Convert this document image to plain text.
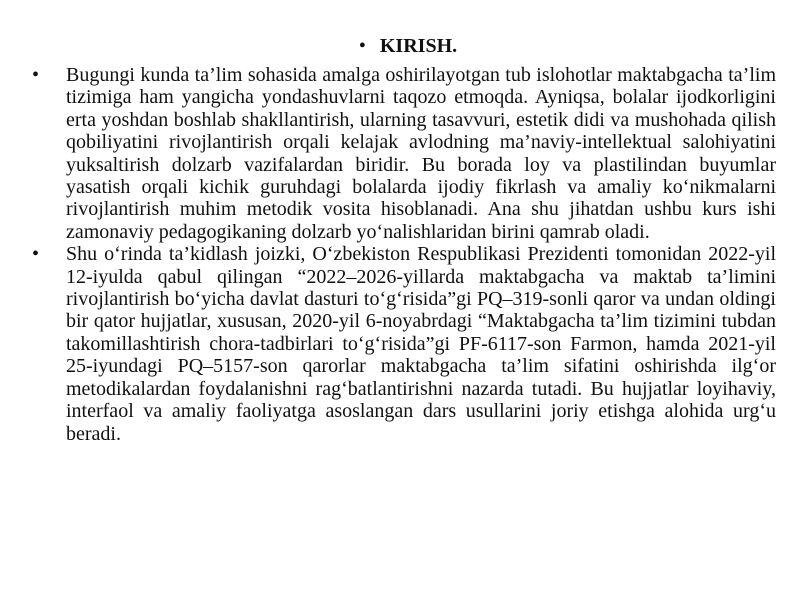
• KIRISH.
•	Bugungi kunda ta’lim sohasida amalga oshirilayotgan tub islohotlar maktabgacha ta’lim tizimiga ham yangicha yondashuvlarni taqozo etmoqda. Ayniqsa, bolalar ijodkorligini erta yoshdan boshlab shakllantirish, ularning tasavvuri, estetik didi va mushohada qilish qobiliyatini rivojlantirish orqali kelajak avlodning ma’naviy-intellektual salohiyatini yuksaltirish dolzarb vazifalardan biridir. Bu borada loy va plastilindan buyumlar yasatish orqali kichik guruhdagi bolalarda ijodiy fikrlash va amaliy ko‘nikmalarni rivojlantirish muhim metodik vosita hisoblanadi. Ana shu jihatdan ushbu kurs ishi zamonaviy pedagogikaning dolzarb yo‘nalishlaridan birini qamrab oladi.
•	Shu o‘rinda ta’kidlash joizki, O‘zbekiston Respublikasi Prezidenti tomonidan 2022-yil 12-iyulda qabul qilingan “2022–2026-yillarda maktabgacha va maktab ta’limini rivojlantirish bo‘yicha davlat dasturi to‘g‘risida”gi PQ–319-sonli qaror va undan oldingi bir qator hujjatlar, xususan, 2020-yil 6-noyabrdagi “Maktabgacha ta’lim tizimini tubdan takomillashtirish chora-tadbirlari to‘g‘risida”gi PF-6117-son Farmon, hamda 2021-yil 25-iyundagi PQ–5157-son qarorlar maktabgacha ta’lim sifatini oshirishda ilg‘or metodikalardan foydalanishni rag‘batlantirishni nazarda tutadi. Bu hujjatlar loyihaviy, interfaol va amaliy faoliyatga asoslangan dars usullarini joriy etishga alohida urg‘u beradi.
